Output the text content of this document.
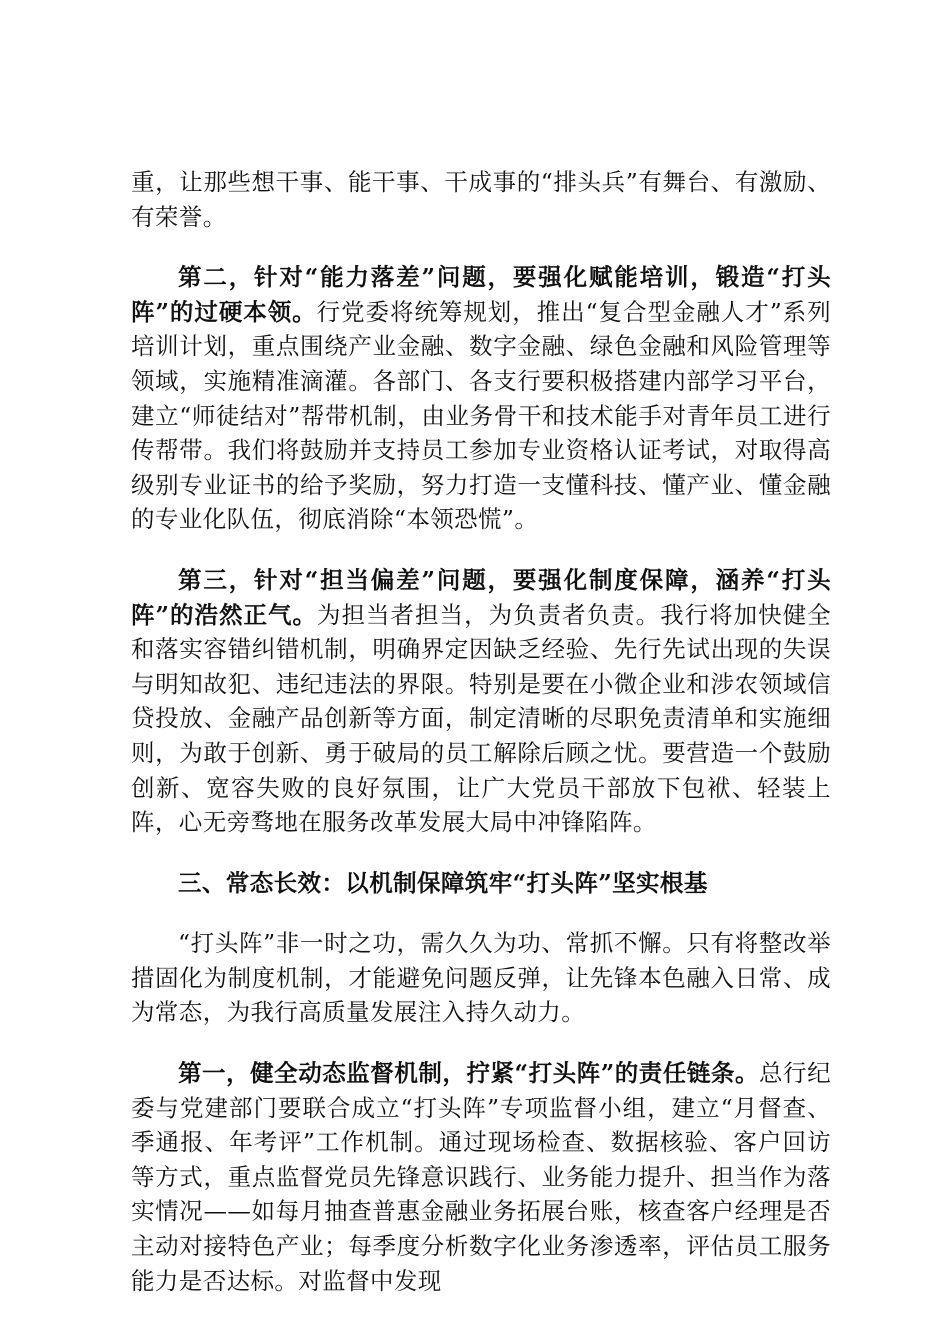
重，让那些想干事、能干事、干成事的“排头兵”有舞台、有激励、有荣誉。

第二，针对“能力落差”问题，要强化赋能培训，锻造“打头阵”的过硬本领。行党委将统筹规划，推出“复合型金融人才”系列培训计划，重点围绕产业金融、数字金融、绿色金融和风险管理等领域，实施精准滴灌。各部门、各支行要积极搭建内部学习平台，建立“师徒结对”帮带机制，由业务骨干和技术能手对青年员工进行传帮带。我们将鼓励并支持员工参加专业资格认证考试，对取得高级别专业证书的给予奖励，努力打造一支懂科技、懂产业、懂金融的专业化队伍，彻底消除“本领恐慌”。

第三，针对“担当偏差”问题，要强化制度保障，涵养“打头阵”的浩然正气。为担当者担当，为负责者负责。我行将加快健全和落实容错纠错机制，明确界定因缺乏经验、先行先试出现的失误与明知故犯、违纪违法的界限。特别是要在小微企业和涉农领域信贷投放、金融产品创新等方面，制定清晰的尽职免责清单和实施细则，为敢于创新、勇于破局的员工解除后顾之忧。要营造一个鼓励创新、宽容失败的良好氛围，让广大党员干部放下包袱、轻装上阵，心无旁骛地在服务改革发展大局中冲锋陷阵。

三、常态长效：以机制保障筑牢“打头阵”坚实根基

“打头阵”非一时之功，需久久为功、常抓不懈。只有将整改举措固化为制度机制，才能避免问题反弹，让先锋本色融入日常、成为常态，为我行高质量发展注入持久动力。

第一，健全动态监督机制，拧紧“打头阵”的责任链条。总行纪委与党建部门要联合成立“打头阵”专项监督小组，建立“月督查、季通报、年考评”工作机制。通过现场检查、数据核验、客户回访等方式，重点监督党员先锋意识践行、业务能力提升、担当作为落实情况——如每月抽查普惠金融业务拓展台账，核查客户经理是否主动对接特色产业；每季度分析数字化业务渗透率，评估员工服务能力是否达标。对监督中发现
